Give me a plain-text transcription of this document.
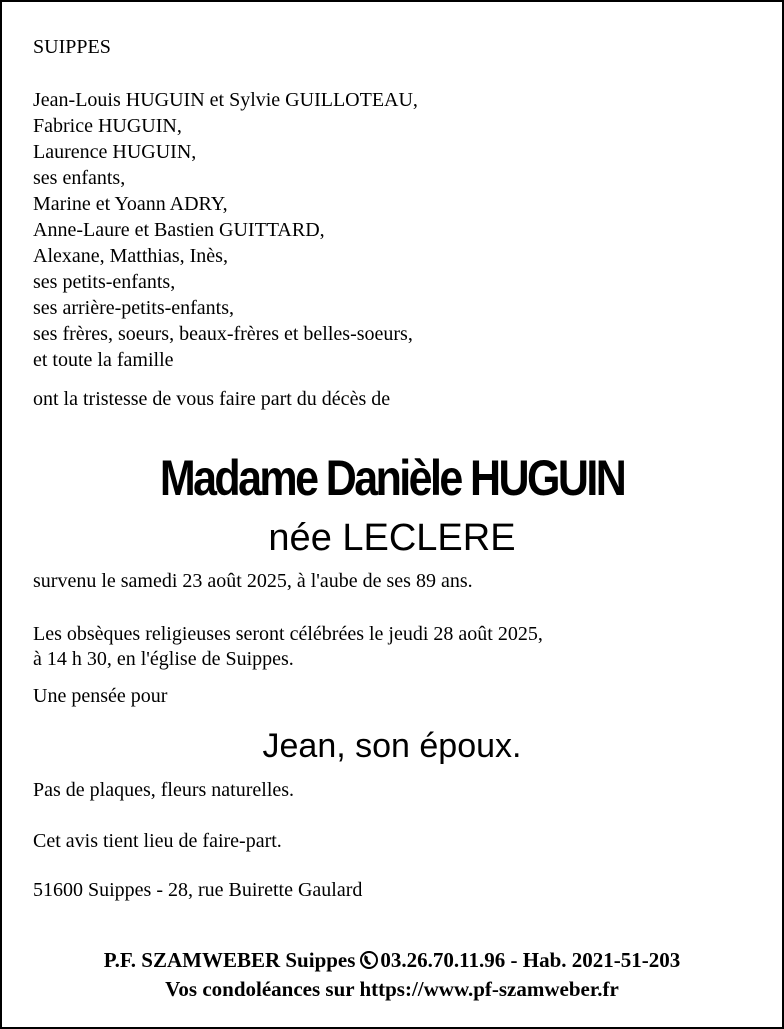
SUIPPES
Jean-Louis HUGUIN et Sylvie GUILLOTEAU,
Fabrice HUGUIN,
Laurence HUGUIN,
ses enfants,
Marine et Yoann ADRY,
Anne-Laure et Bastien GUITTARD,
Alexane, Matthias, Inès,
ses petits-enfants,
ses arrière-petits-enfants,
ses frères, soeurs, beaux-frères et belles-soeurs,
et toute la famille
ont la tristesse de vous faire part du décès de
Madame Danièle HUGUIN
née LECLERE
survenu le samedi 23 août 2025, à l'aube de ses 89 ans.
Les obsèques religieuses seront célébrées le jeudi 28 août 2025,
à 14 h 30, en l'église de Suippes.
Une pensée pour
Jean, son époux.
Pas de plaques, fleurs naturelles.
Cet avis tient lieu de faire-part.
51600 Suippes - 28, rue Buirette Gaulard
P.F. SZAMWEBER Suippes 03.26.70.11.96 - Hab. 2021-51-203
Vos condoléances sur https://www.pf-szamweber.fr
